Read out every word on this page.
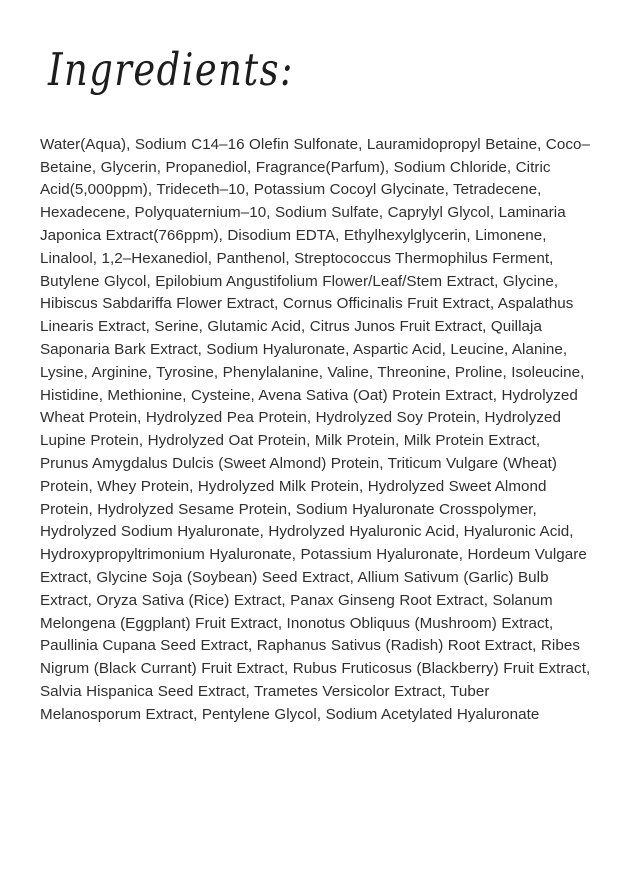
Ingredients:

Water(Aqua), Sodium C14–16 Olefin Sulfonate, Lauramidopropyl Betaine, Coco–Betaine, Glycerin, Propanediol, Fragrance(Parfum), Sodium Chloride, Citric Acid(5,000ppm), Trideceth–10, Potassium Cocoyl Glycinate, Tetradecene, Hexadecene, Polyquaternium–10, Sodium Sulfate, Caprylyl Glycol, Laminaria Japonica Extract(766ppm), Disodium EDTA, Ethylhexylglycerin, Limonene, Linalool, 1,2–Hexanediol, Panthenol, Streptococcus Thermophilus Ferment, Butylene Glycol, Epilobium Angustifolium Flower/Leaf/Stem Extract, Glycine, Hibiscus Sabdariffa Flower Extract, Cornus Officinalis Fruit Extract, Aspalathus Linearis Extract, Serine, Glutamic Acid, Citrus Junos Fruit Extract, Quillaja Saponaria Bark Extract, Sodium Hyaluronate, Aspartic Acid, Leucine, Alanine, Lysine, Arginine, Tyrosine, Phenylalanine, Valine, Threonine, Proline, Isoleucine, Histidine, Methionine, Cysteine, Avena Sativa (Oat) Protein Extract, Hydrolyzed Wheat Protein, Hydrolyzed Pea Protein, Hydrolyzed Soy Protein, Hydrolyzed Lupine Protein, Hydrolyzed Oat Protein, Milk Protein, Milk Protein Extract, Prunus Amygdalus Dulcis (Sweet Almond) Protein, Triticum Vulgare (Wheat) Protein, Whey Protein, Hydrolyzed Milk Protein, Hydrolyzed Sweet Almond Protein, Hydrolyzed Sesame Protein, Sodium Hyaluronate Crosspolymer, Hydrolyzed Sodium Hyaluronate, Hydrolyzed Hyaluronic Acid, Hyaluronic Acid, Hydroxypropyltrimonium Hyaluronate, Potassium Hyaluronate, Hordeum Vulgare Extract, Glycine Soja (Soybean) Seed Extract, Allium Sativum (Garlic) Bulb Extract, Oryza Sativa (Rice) Extract, Panax Ginseng Root Extract, Solanum Melongena (Eggplant) Fruit Extract, Inonotus Obliquus (Mushroom) Extract, Paullinia Cupana Seed Extract, Raphanus Sativus (Radish) Root Extract, Ribes Nigrum (Black Currant) Fruit Extract, Rubus Fruticosus (Blackberry) Fruit Extract, Salvia Hispanica Seed Extract, Trametes Versicolor Extract, Tuber Melanosporum Extract, Pentylene Glycol, Sodium Acetylated Hyaluronate
